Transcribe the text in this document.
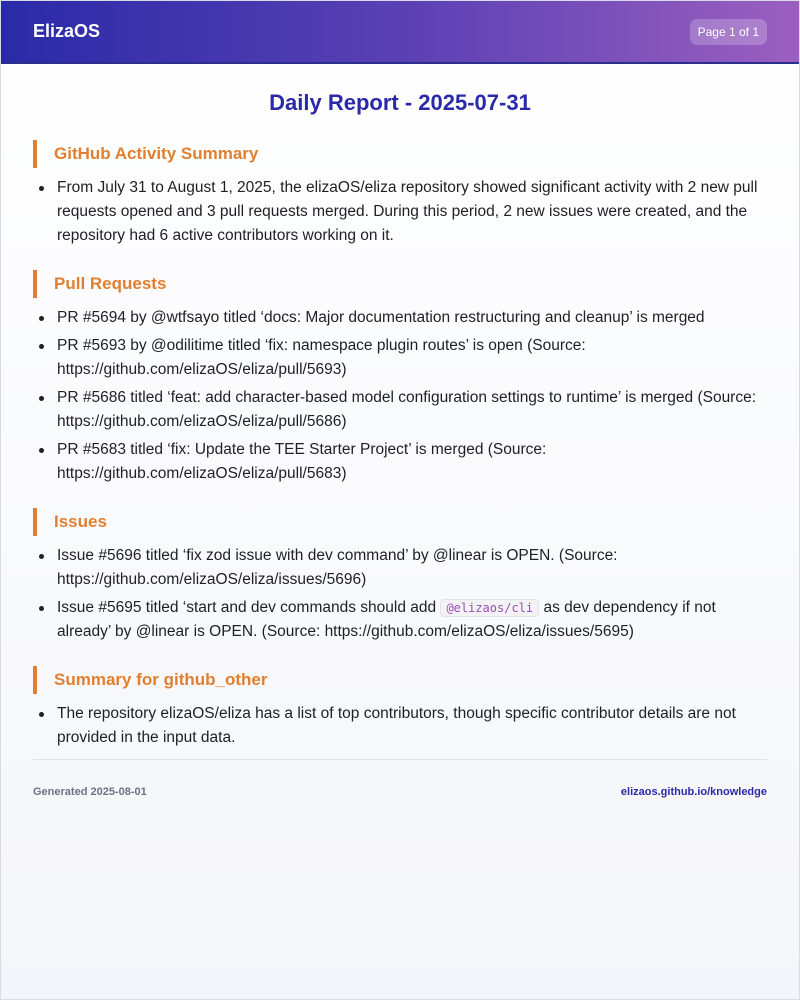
ElizaOS	Page 1 of 1
Daily Report - 2025-07-31
GitHub Activity Summary
From July 31 to August 1, 2025, the elizaOS/eliza repository showed significant activity with 2 new pull requests opened and 3 pull requests merged. During this period, 2 new issues were created, and the repository had 6 active contributors working on it.
Pull Requests
PR #5694 by @wtfsayo titled ‘docs: Major documentation restructuring and cleanup’ is merged
PR #5693 by @odilitime titled ‘fix: namespace plugin routes’ is open (Source: https://github.com/elizaOS/eliza/pull/5693)
PR #5686 titled ‘feat: add character-based model configuration settings to runtime’ is merged (Source: https://github.com/elizaOS/eliza/pull/5686)
PR #5683 titled ‘fix: Update the TEE Starter Project’ is merged (Source: https://github.com/elizaOS/eliza/pull/5683)
Issues
Issue #5696 titled ‘fix zod issue with dev command’ by @linear is OPEN. (Source: https://github.com/elizaOS/eliza/issues/5696)
Issue #5695 titled ‘start and dev commands should add @elizaos/cli as dev dependency if not already’ by @linear is OPEN. (Source: https://github.com/elizaOS/eliza/issues/5695)
Summary for github_other
The repository elizaOS/eliza has a list of top contributors, though specific contributor details are not provided in the input data.
Generated 2025-08-01	elizaos.github.io/knowledge
